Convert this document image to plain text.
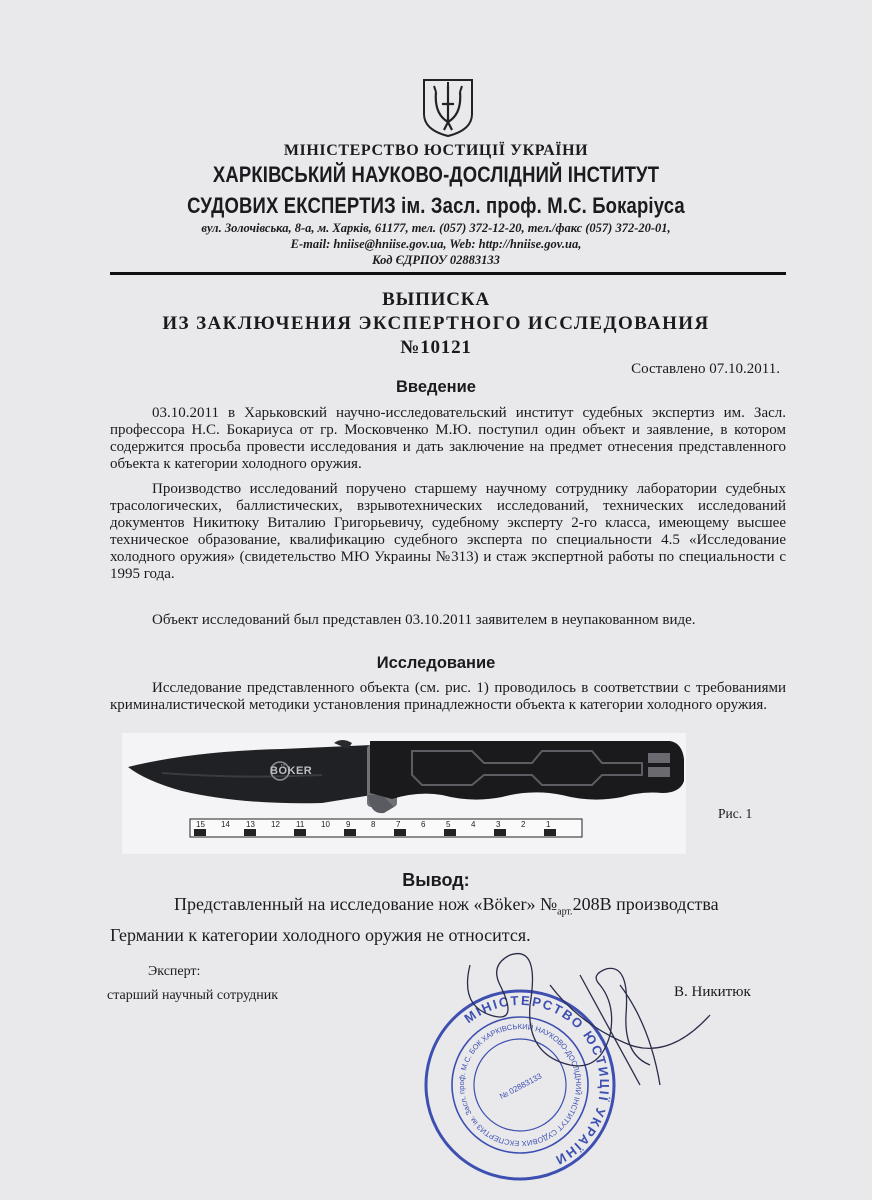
МІНІСТЕРСТВО ЮСТИЦІЇ УКРАЇНИ
ХАРКІВСЬКИЙ НАУКОВО-ДОСЛІДНИЙ ІНСТИТУТ
СУДОВИХ ЕКСПЕРТИЗ ім. Засл. проф. М.С. Бокаріуса
вул. Золочівська, 8-а, м. Харків, 61177, тел. (057) 372-12-20, тел./факс (057) 372-20-01,
E-mail: hniise@hniise.gov.ua, Web: http://hniise.gov.ua,
Код ЄДРПОУ 02883133
ВЫПИСКА
ИЗ ЗАКЛЮЧЕНИЯ ЭКСПЕРТНОГО ИССЛЕДОВАНИЯ
№10121
Составлено 07.10.2011.
Введение
03.10.2011 в Харьковский научно-исследовательский институт судебных экспертиз им. Засл. профессора Н.С. Бокариуса от гр. Московченко М.Ю. поступил один объект и заявление, в котором содержится просьба провести исследования и дать заключение на предмет отнесения представленного объекта к категории холодного оружия.
Производство исследований поручено старшему научному сотруднику лаборатории судебных трасологических, баллистических, взрывотехнических исследований, технических исследований документов Никитюку Виталию Григорьевичу, судебному эксперту 2-го класса, имеющему высшее техническое образование, квалификацию судебного эксперта по специальности 4.5 «Исследование холодного оружия» (свидетельство МЮ Украины №313) и стаж экспертной работы по специальности с 1995 года.
Объект исследований был представлен 03.10.2011 заявителем в неупакованном виде.
Исследование
Исследование представленного объекта (см. рис. 1) проводилось в соответствии с требованиями криминалистической методики установления принадлежности объекта к категории холодного оружия.
15 14 13 12 11 10 9	8	7	6	5	4	3	2	1
BÖKER
Рис. 1
Вывод:
Представленный на исследование нож «Böker» $№_{арт.}208В$ производства Германии к категории холодного оружия не относится.
Эксперт:
старший научный сотрудник	В. Никитюк
МІНІСТЕРСТВО ЮСТИЦІЇ УКРАЇНИ
ХАРКІВСЬКИЙ НАУКОВО-ДОСЛІДНИЙ ІНСТИТУТ СУДОВИХ ЕКСПЕРТИЗ ім. Засл. проф. М.С. БОКАРІУСА
№ 02883133
